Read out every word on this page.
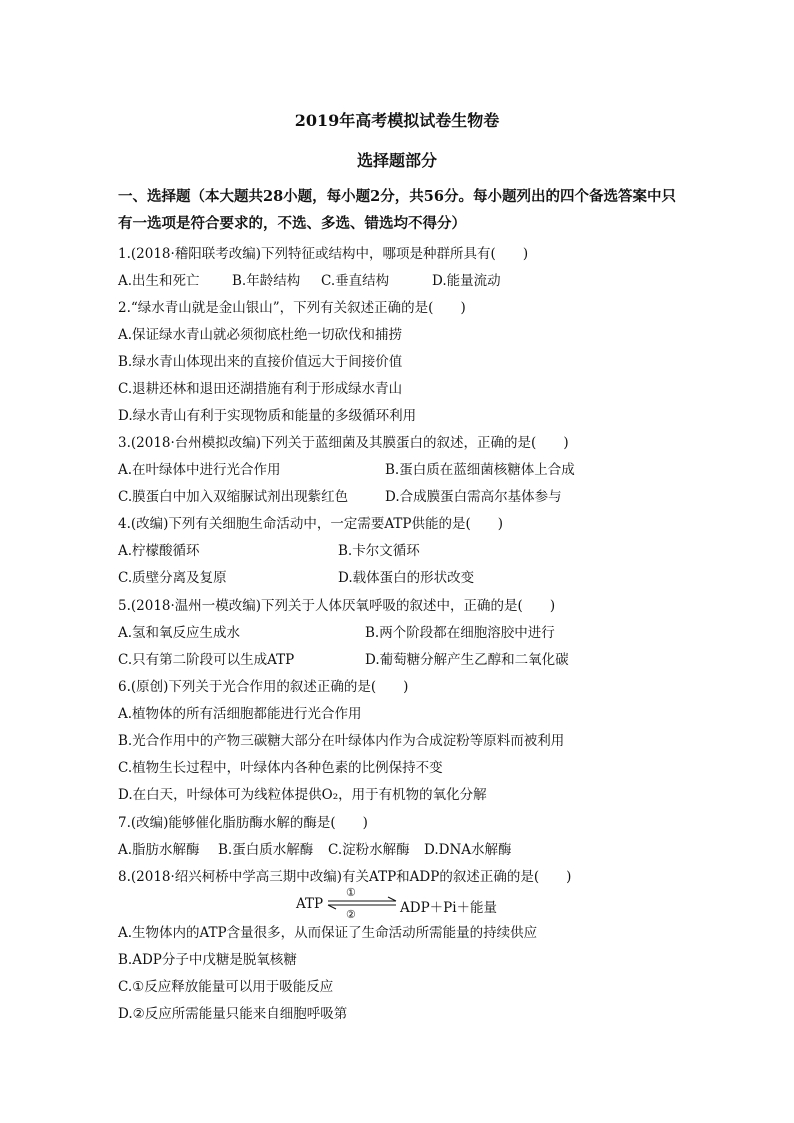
2019年高考模拟试卷生物卷
选择题部分
一、选择题（本大题共28小题，每小题2分，共56分。每小题列出的四个备选答案中只有一选项是符合要求的，不选、多选、错选均不得分）
1.(2018·稽阳联考改编)下列特征或结构中，哪项是种群所具有(　　)
A.出生和死亡 B.年龄结构 C.垂直结构	D.能量流动
2.“绿水青山就是金山银山”，下列有关叙述正确的是(　　)
A.保证绿水青山就必须彻底杜绝一切砍伐和捕捞
B.绿水青山体现出来的直接价值远大于间接价值
C.退耕还林和退田还湖措施有利于形成绿水青山
D.绿水青山有利于实现物质和能量的多级循环利用
3.(2018·台州模拟改编)下列关于蓝细菌及其膜蛋白的叙述，正确的是(　　)
A.在叶绿体中进行光合作用	B.蛋白质在蓝细菌核糖体上合成
C.膜蛋白中加入双缩脲试剂出现紫红色	D.合成膜蛋白需高尔基体参与
4.(改编)下列有关细胞生命活动中，一定需要ATP供能的是(　　)
A.柠檬酸循环	B.卡尔文循环
C.质壁分离及复原	D.载体蛋白的形状改变
5.(2018·温州一模改编)下列关于人体厌氧呼吸的叙述中，正确的是(　　)
A.氢和氧反应生成水	B.两个阶段都在细胞溶胶中进行
C.只有第二阶段可以生成ATP	D.葡萄糖分解产生乙醇和二氧化碳
6.(原创)下列关于光合作用的叙述正确的是(　　)
A.植物体的所有活细胞都能进行光合作用
B.光合作用中的产物三碳糖大部分在叶绿体内作为合成淀粉等原料而被利用
C.植物生长过程中，叶绿体内各种色素的比例保持不变
D.在白天，叶绿体可为线粒体提供O₂，用于有机物的氧化分解
7.(改编)能够催化脂肪酶水解的酶是(　　)
A.脂肪水解酶 B.蛋白质水解酶 C.淀粉水解酶 D.DNA水解酶
8.(2018·绍兴柯桥中学高三期中改编)有关ATP和ADP的叙述正确的是(　　)
ATP
①
②	ADP＋Pi＋能量
A.生物体内的ATP含量很多，从而保证了生命活动所需能量的持续供应
B.ADP分子中戊糖是脱氧核糖
C.①反应释放能量可以用于吸能反应
D.②反应所需能量只能来自细胞呼吸第
